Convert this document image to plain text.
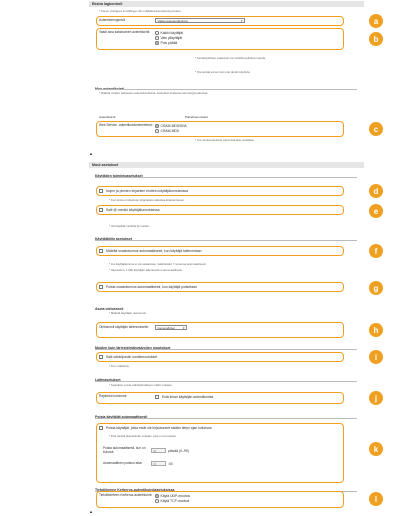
Ekstra lagkontroll
* Krever ytterligere innstillinger når multifaktorautentisering brukes.
Autentiseringsnivå	Vakkonoautentikointia	▾
Vaadi aina kaksisoinen autentikointi:	Kaikki käyttäjät
Vain ylläpitäjät
Pois päältä
* Kertakäyttöisen salasanan tai mobiilisovelluksen kautta.
* Ota selvää ennen kuin otat tämän käyttöön.
Muu autentikointi
* Määritä muiden palvelujen autentikointitavat. Asetukset koskevat vain tiettyjä palveluja.
Autentikointi:	Palvelimen tiedot
Web Service -autentikointimenetelmä:	CRAM-MD5/SHA
CRAM-MD5
* Jos muutat asetusta, käynnistä laite uudelleen.
▲
Muut asetukset
Käyttäjien toimintoasetukset
Isojen ja pienten kirjainten erottelu käyttäjätunnuksissa
* Kun tämä on käytössä, kirjainkoko vaikuttaa kirjautumiseen.
Salli @-merkki käyttäjätunnuksessa
* Voit käyttää merkkiä @-merkki.
Käyttäjätilin asetukset
Määritä osastotunnus automaattisesti, kun käyttäjä tallennetaan
* Jos käyttäjätunnus ei ole saatavissa, määritetään 7 numeroa automaattisesti.
* Oletusarvo: 1 000 käyttäjän tallentaminen automaattisesti.
Poista osastotunnus automaattisesti, kun käyttäjä poistetaan
Aseta oletusrooli
* Määritä käyttäjän oletusrooli.
Oletusrooli käyttäjän tallennukselle:	GeneralUser	▾
Muiden kuin järjestelmänvalvojien muutokset
Salli sähköpostin osoitemuutokset
* Kun määritetty.
Laitteasetukset
* Asetukset voivat vaihdella laitteen mallin mukaan.
Rajoitetut toiminnot:	Estä ilman käyttäjän autentikointia
Poista käyttäjät automaattisesti
Poista käyttäjät, jotka eivät ole kirjautuneet sisään tietyn ajan kuluessa
* Pois tekstiä järjestelmän mukaan, joita ei voi poistaa.
Poista automaattisesti, kun on kulunut:	30	päivää (0–99)
Automaattinen poiston aika:	00	:00
Tietoliikenne Kerberos-autentikointiasetuksissa
Tietoliikenteen Kerberos-autentikointi:	Käytä UDP-muotoa
Käytä TCP-muotoa
▲
a
b
c
d
e
f
g
h
i
j
k
l
